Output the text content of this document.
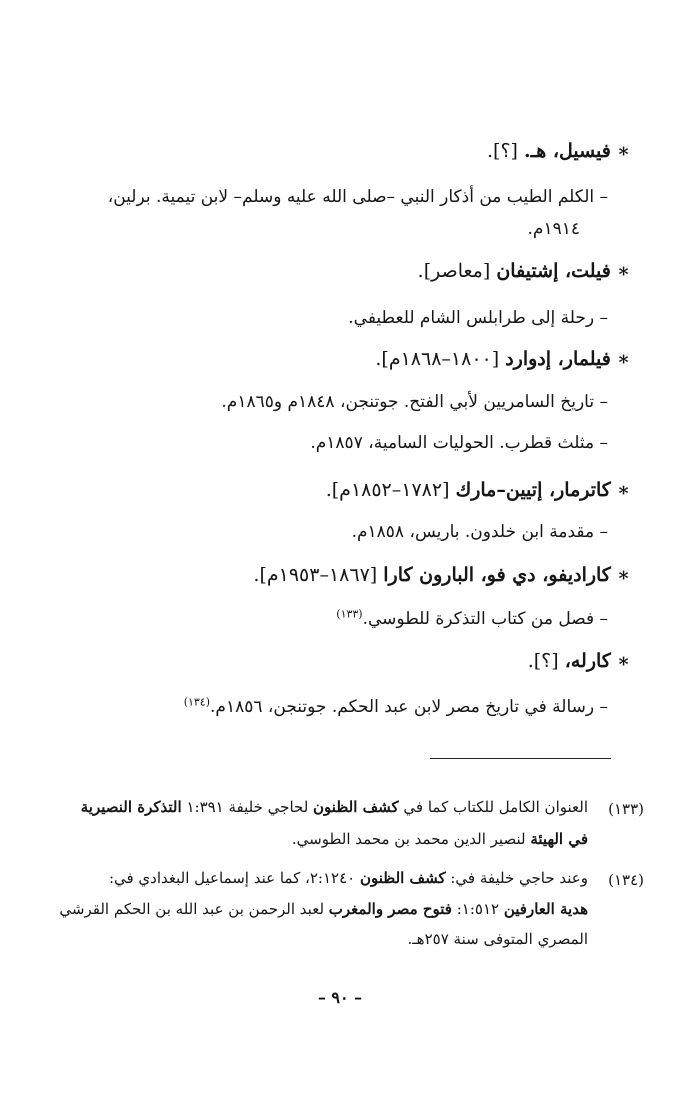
∗فيسيل، هـ. [؟].
– الكلم الطيب من أذكار النبي –صلى الله عليه وسلم– لابن تيمية. برلين،
١٩١٤م.
∗فيلت، إشتيفان [معاصر].
– رحلة إلى طرابلس الشام للعطيفي.
∗فيلمار، إدوارد [١٨٠٠–١٨٦٨م].
– تاريخ السامريين لأبي الفتح. جوتنجن، ١٨٤٨م و١٨٦٥م.
– مثلث قطرب. الحوليات السامية، ١٨٥٧م.
∗كاترمار، إتيين–مارك [١٧٨٢–١٨٥٢م].
– مقدمة ابن خلدون. باريس، ١٨٥٨م.
∗كاراديفو، دي فو، البارون كارا [١٨٦٧–١٩٥٣م].
– فصل من كتاب التذكرة للطوسي.$^{(١٣٣)}$
∗كارله، [؟].
– رسالة في تاريخ مصر لابن عبد الحكم. جوتنجن، ١٨٥٦م.$^{(١٣٤)}$
(١٣٣)
العنوان الكامل للكتاب كما في كشف الظنون لحاجي خليفة ١:٣٩١ التذكرة النصيرية
في الهيئة لنصير الدين محمد بن محمد الطوسي.
(١٣٤)
وعند حاجي خليفة في: كشف الظنون ٢:١٢٤٠، كما عند إسماعيل البغدادي في:
هدية العارفين ١:٥١٢: فتوح مصر والمغرب لعبد الرحمن بن عبد الله بن الحكم القرشي
المصري المتوفى سنة ٢٥٧هـ.
– ٩٠ –
